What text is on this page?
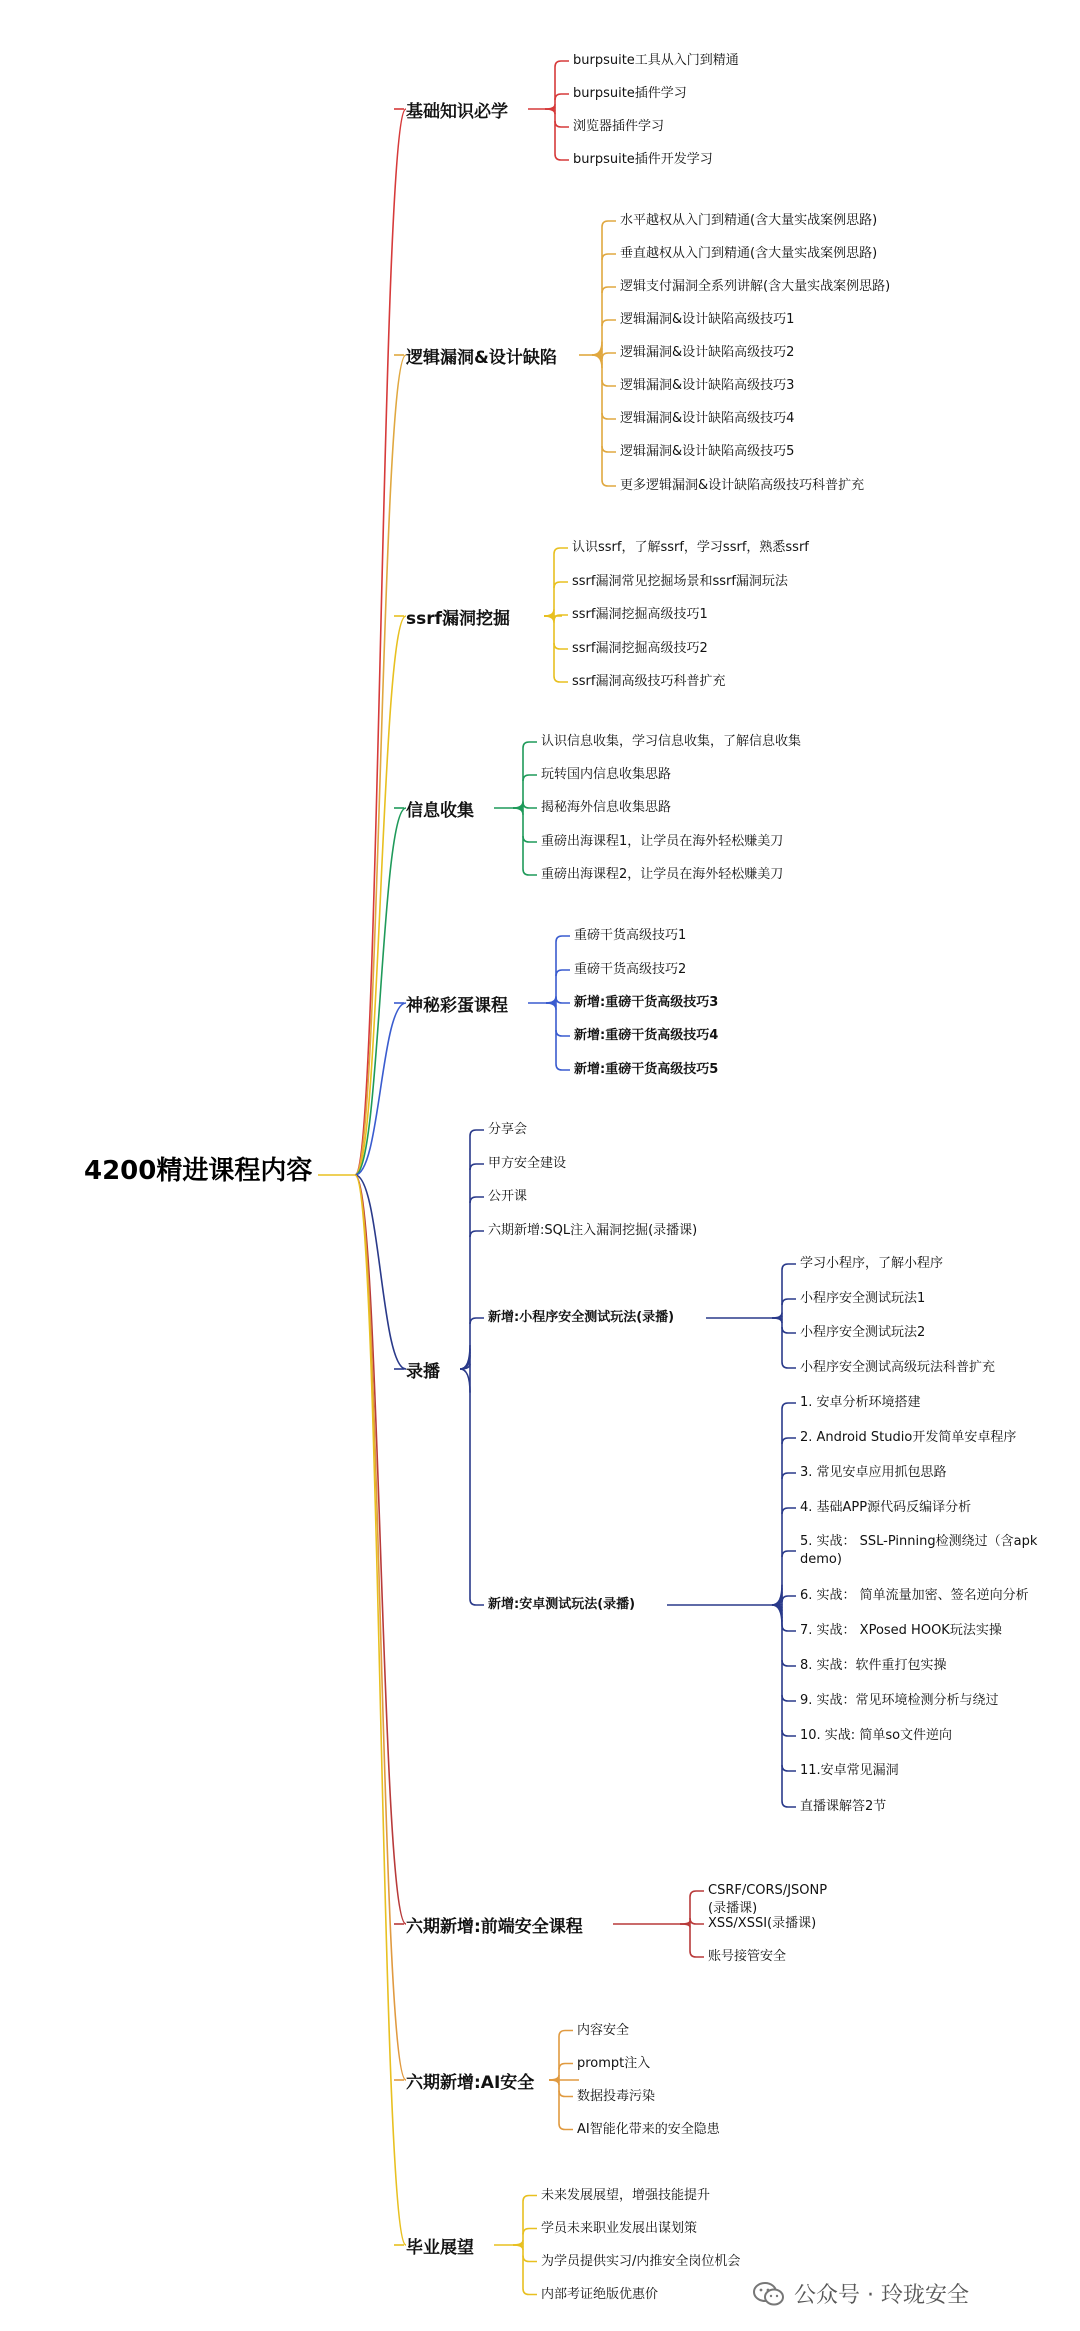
基础知识必学
burpsuite工具从入门到精通
burpsuite插件学习
浏览器插件学习
burpsuite插件开发学习
逻辑漏洞&设计缺陷
水平越权从入门到精通(含大量实战案例思路)
垂直越权从入门到精通(含大量实战案例思路)
逻辑支付漏洞全系列讲解(含大量实战案例思路)
逻辑漏洞&设计缺陷高级技巧1
逻辑漏洞&设计缺陷高级技巧2
逻辑漏洞&设计缺陷高级技巧3
逻辑漏洞&设计缺陷高级技巧4
逻辑漏洞&设计缺陷高级技巧5
更多逻辑漏洞&设计缺陷高级技巧科普扩充
ssrf漏洞挖掘
认识ssrf，了解ssrf，学习ssrf，熟悉ssrf
ssrf漏洞常见挖掘场景和ssrf漏洞玩法
ssrf漏洞挖掘高级技巧1
ssrf漏洞挖掘高级技巧2
ssrf漏洞高级技巧科普扩充
信息收集
认识信息收集，学习信息收集，了解信息收集
玩转国内信息收集思路
揭秘海外信息收集思路
重磅出海课程1，让学员在海外轻松赚美刀
重磅出海课程2，让学员在海外轻松赚美刀
神秘彩蛋课程
重磅干货高级技巧1
重磅干货高级技巧2
新增:重磅干货高级技巧3
新增:重磅干货高级技巧4
新增:重磅干货高级技巧5
录播
分享会
甲方安全建设
公开课
六期新增:SQL注入漏洞挖掘(录播课)
新增:小程序安全测试玩法(录播)
学习小程序，了解小程序
小程序安全测试玩法1
小程序安全测试玩法2
小程序安全测试高级玩法科普扩充
新增:安卓测试玩法(录播)
1. 安卓分析环境搭建
2. Android Studio开发简单安卓程序
3. 常见安卓应用抓包思路
4. 基础APP源代码反编译分析
5. 实战： SSL-Pinning检测绕过（含apk demo)
6. 实战： 简单流量加密、签名逆向分析
7. 实战： XPosed HOOK玩法实操
8. 实战：软件重打包实操
9. 实战：常见环境检测分析与绕过
10. 实战: 简单so文件逆向
11.安卓常见漏洞
直播课解答2节
六期新增:前端安全课程
CSRF/CORS/JSONP (录播课)
XSS/XSSI(录播课)
账号接管安全
六期新增:AI安全
内容安全
prompt注入
数据投毒污染
AI智能化带来的安全隐患
毕业展望
未来发展展望，增强技能提升
学员未来职业发展出谋划策
为学员提供实习/内推安全岗位机会
内部考证绝版优惠价
4200精进课程内容
公众号 · 玲珑安全
